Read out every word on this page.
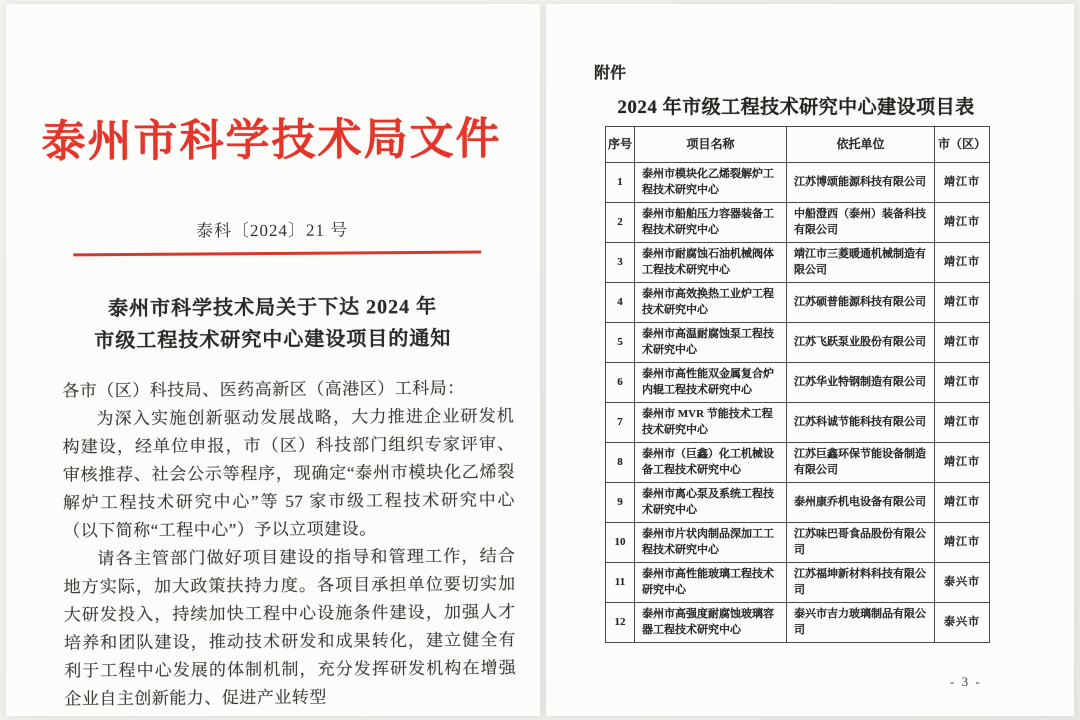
泰州市科学技术局文件
泰科〔2024〕21 号
泰州市科学技术局关于下达 2024 年
市级工程技术研究中心建设项目的通知

各市（区）科技局、医药高新区（高港区）工科局：

为深入实施创新驱动发展战略，大力推进企业研发机构建设，经单位申报，市（区）科技部门组织专家评审、审核推荐、社会公示等程序，现确定“泰州市模块化乙烯裂解炉工程技术研究中心”等 57 家市级工程技术研究中心（以下简称“工程中心”）予以立项建设。

请各主管部门做好项目建设的指导和管理工作，结合地方实际，加大政策扶持力度。各项目承担单位要切实加大研发投入，持续加快工程中心设施条件建设，加强人才培养和团队建设，推动技术研发和成果转化，建立健全有利于工程中心发展的体制机制，充分发挥研发机构在增强企业自主创新能力、促进产业转型

附件
2024 年市级工程技术研究中心建设项目表
序号	项目名称	依托单位	市（区）
1	泰州市模块化乙烯裂解炉工程技术研究中心	江苏博颂能源科技有限公司	靖江市
2	泰州市船舶压力容器装备工程技术研究中心	中船澄西（泰州）装备科技有限公司	靖江市
3	泰州市耐腐蚀石油机械阀体工程技术研究中心	靖江市三菱暖通机械制造有限公司	靖江市
4	泰州市高效换热工业炉工程技术研究中心	江苏硕普能源科技有限公司	靖江市
5	泰州市高温耐腐蚀泵工程技术研究中心	江苏飞跃泵业股份有限公司	靖江市
6	泰州市高性能双金属复合炉内辊工程技术研究中心	江苏华业特钢制造有限公司	靖江市
7	泰州市 MVR 节能技术工程技术研究中心	江苏科诚节能科技有限公司	靖江市
8	泰州市（巨鑫）化工机械设备工程技术研究中心	江苏巨鑫环保节能设备制造有限公司	靖江市
9	泰州市离心泵及系统工程技术研究中心	泰州康乔机电设备有限公司	靖江市
10	泰州市片状肉制品深加工工程技术研究中心	江苏味巴哥食品股份有限公司	靖江市
11	泰州市高性能玻璃工程技术研究中心	江苏福坤新材料科技有限公司	泰兴市
12	泰州市高强度耐腐蚀玻璃容器工程技术研究中心	泰兴市吉力玻璃制品有限公司	泰兴市
- 3 -
